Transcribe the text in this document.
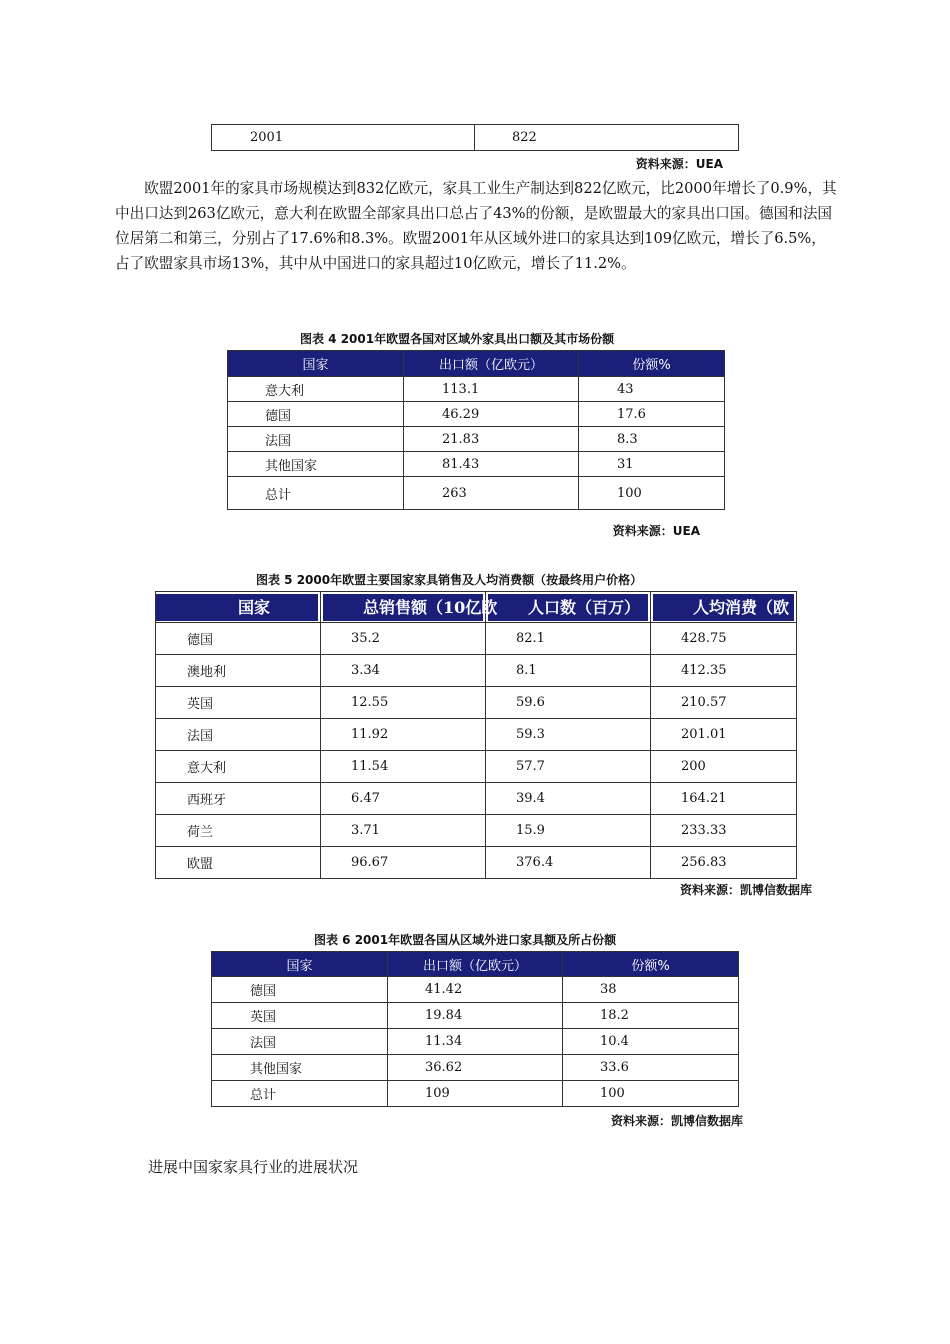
2001	822
资料来源：UEA
欧盟2001年的家具市场规模达到832亿欧元，家具工业生产制达到822亿欧元，比2000年增长了0.9%，其中出口达到263亿欧元，意大利在欧盟全部家具出口总占了43%的份额，是欧盟最大的家具出口国。德国和法国位居第二和第三，分别占了17.6%和8.3%。欧盟2001年从区域外进口的家具达到109亿欧元，增长了6.5%，占了欧盟家具市场13%，其中从中国进口的家具超过10亿欧元，增长了11.2%。
图表 4 2001年欧盟各国对区域外家具出口额及其市场份额
国家	出口额（亿欧元）	份额%
意大利	113.1	43
德国	46.29	17.6
法国	21.83	8.3
其他国家	81.43	31
总计	263	100
资料来源：UEA
图表 5 2000年欧盟主要国家家具销售及人均消费额（按最终用户价格）
国家	总销售额（10亿欧	人口数（百万）	人均消费（欧

德国	35.2	82.1	428.75
澳地利	3.34	8.1	412.35
英国	12.55	59.6	210.57
法国	11.92	59.3	201.01
意大利	11.54	57.7	200
西班牙	6.47	39.4	164.21
荷兰	3.71	15.9	233.33
欧盟	96.67	376.4	256.83
资料来源：凯博信数据库
图表 6 2001年欧盟各国从区域外进口家具额及所占份额
国家	出口额（亿欧元）	份额%
德国	41.42	38
英国	19.84	18.2
法国	11.34	10.4
其他国家	36.62	33.6
总计	109	100
资料来源：凯博信数据库
进展中国家家具行业的进展状况
